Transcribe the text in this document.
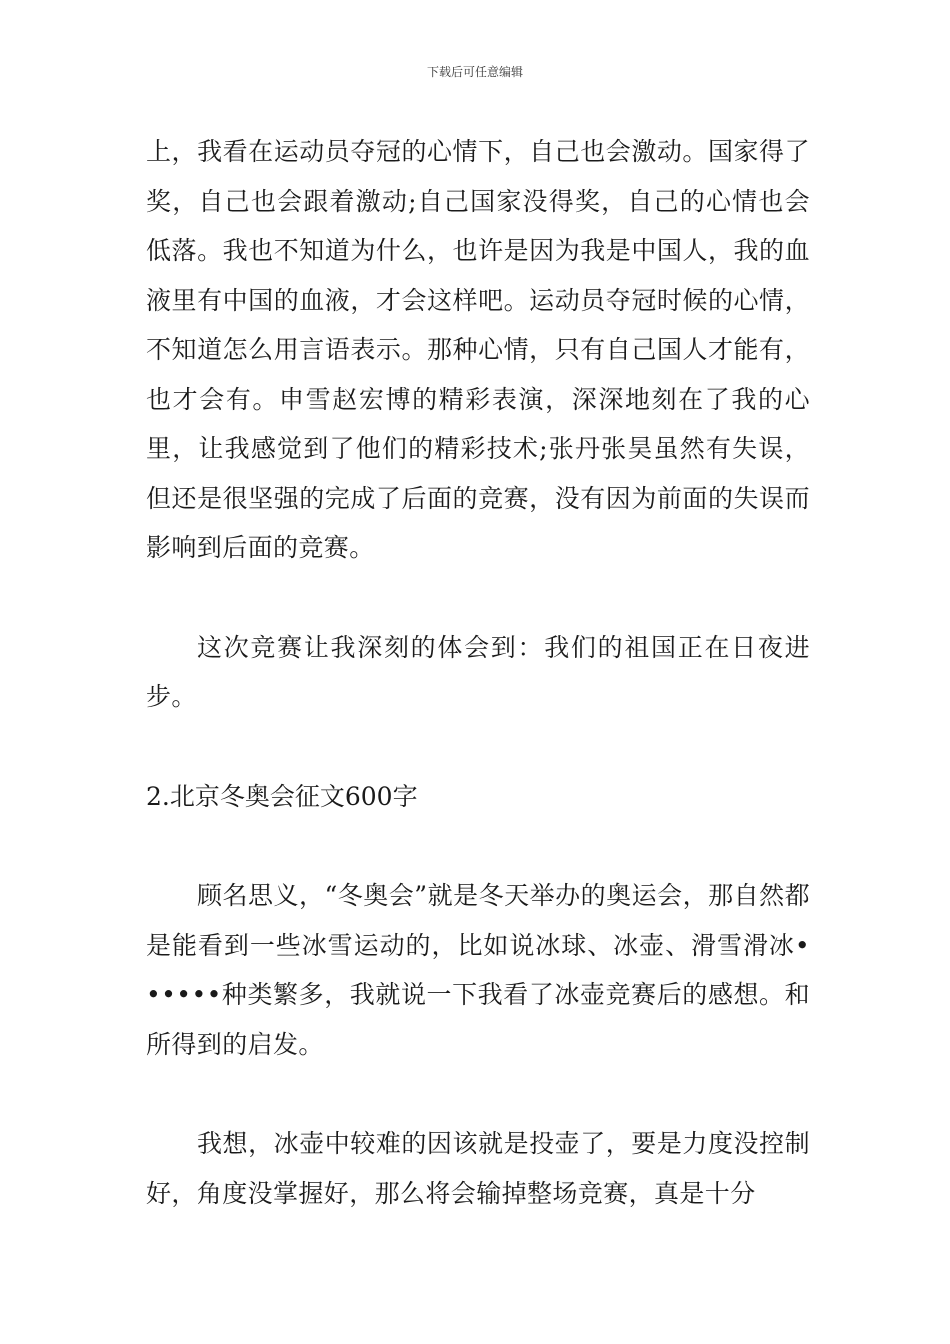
下载后可任意编辑

上，我看在运动员夺冠的心情下，自己也会激动。国家得了奖，自己也会跟着激动;自己国家没得奖，自己的心情也会低落。我也不知道为什么，也许是因为我是中国人，我的血液里有中国的血液，才会这样吧。运动员夺冠时候的心情，不知道怎么用言语表示。那种心情，只有自己国人才能有，也才会有。申雪赵宏博的精彩表演，深深地刻在了我的心里，让我感觉到了他们的精彩技术;张丹张昊虽然有失误，但还是很坚强的完成了后面的竞赛，没有因为前面的失误而影响到后面的竞赛。

这次竞赛让我深刻的体会到：我们的祖国正在日夜进步。

2.北京冬奥会征文600字

顾名思义，“冬奥会”就是冬天举办的奥运会，那自然都是能看到一些冰雪运动的，比如说冰球、冰壶、滑雪滑冰••••••种类繁多，我就说一下我看了冰壶竞赛后的感想。和所得到的启发。

我想，冰壶中较难的因该就是投壶了，要是力度没控制好，角度没掌握好，那么将会输掉整场竞赛，真是十分
